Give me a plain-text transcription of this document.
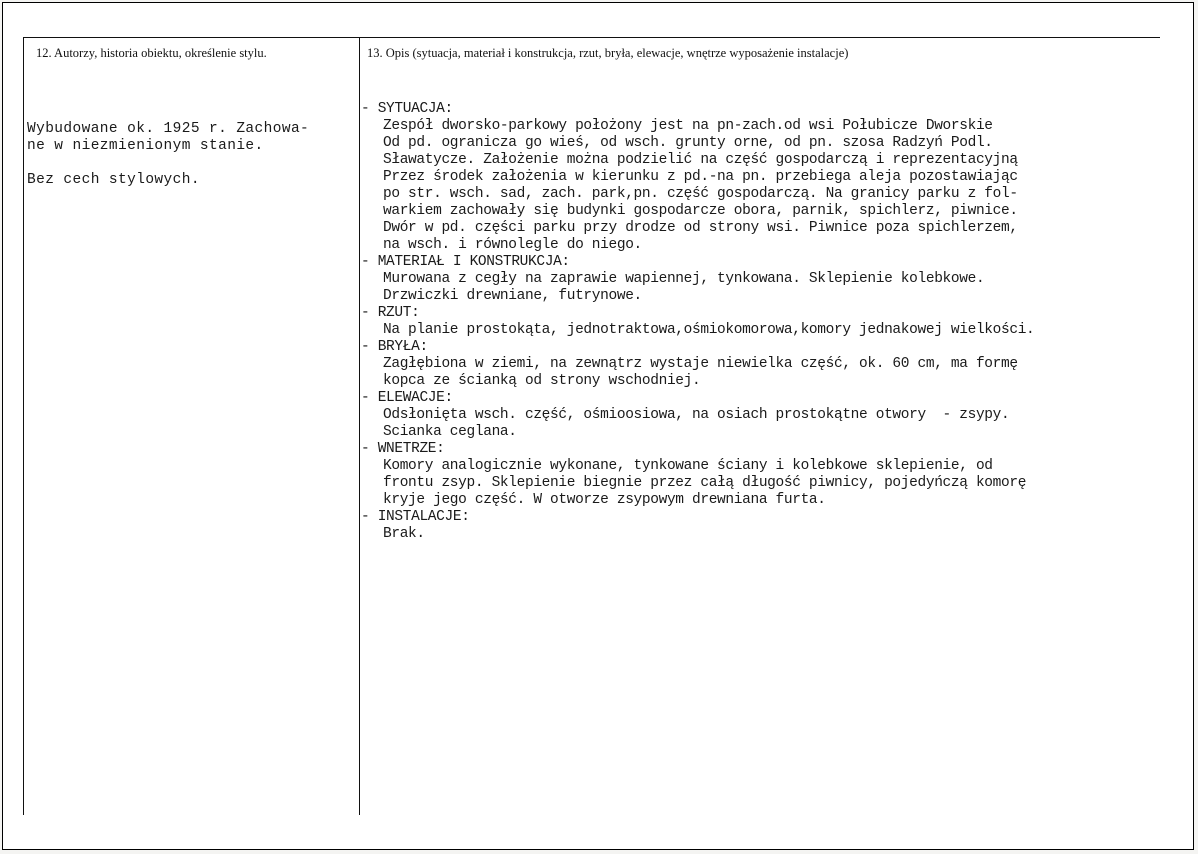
12. Autorzy, historia obiektu, określenie stylu.	13. Opis (sytuacja, materiał i konstrukcja, rzut, bryła, elewacje, wnętrze wyposażenie instalacje)

Wybudowane ok. 1925 r. Zachowa-

ne w niezmienionym stanie.

Bez cech stylowych.

- SYTUACJA:

Zespół dworsko-parkowy położony jest na pn-zach.od wsi Połubicze Dworskie

Od pd. ogranicza go wieś, od wsch. grunty orne, od pn. szosa Radzyń Podl.

Sławatycze. Założenie można podzielić na część gospodarczą i reprezentacyjną

Przez środek założenia w kierunku z pd.-na pn. przebiega aleja pozostawiając

po str. wsch. sad, zach. park,pn. część gospodarczą. Na granicy parku z fol-

warkiem zachowały się budynki gospodarcze obora, parnik, spichlerz, piwnice.

Dwór w pd. części parku przy drodze od strony wsi. Piwnice poza spichlerzem,

na wsch. i równolegle do niego.

- MATERIAŁ I KONSTRUKCJA:

Murowana z cegły na zaprawie wapiennej, tynkowana. Sklepienie kolebkowe.

Drzwiczki drewniane, futrynowe.

- RZUT:

Na planie prostokąta, jednotraktowa,ośmiokomorowa,komory jednakowej wielkości.

- BRYŁA:

Zagłębiona w ziemi, na zewnątrz wystaje niewielka część, ok. 60 cm, ma formę

kopca ze ścianką od strony wschodniej.

- ELEWACJE:

Odsłonięta wsch. część, ośmioosiowa, na osiach prostokątne otwory  - zsypy.

Scianka ceglana.

- WNETRZE:

Komory analogicznie wykonane, tynkowane ściany i kolebkowe sklepienie, od

frontu zsyp. Sklepienie biegnie przez całą długość piwnicy, pojedyńczą komorę

kryje jego część. W otworze zsypowym drewniana furta.

- INSTALACJE:

Brak.
